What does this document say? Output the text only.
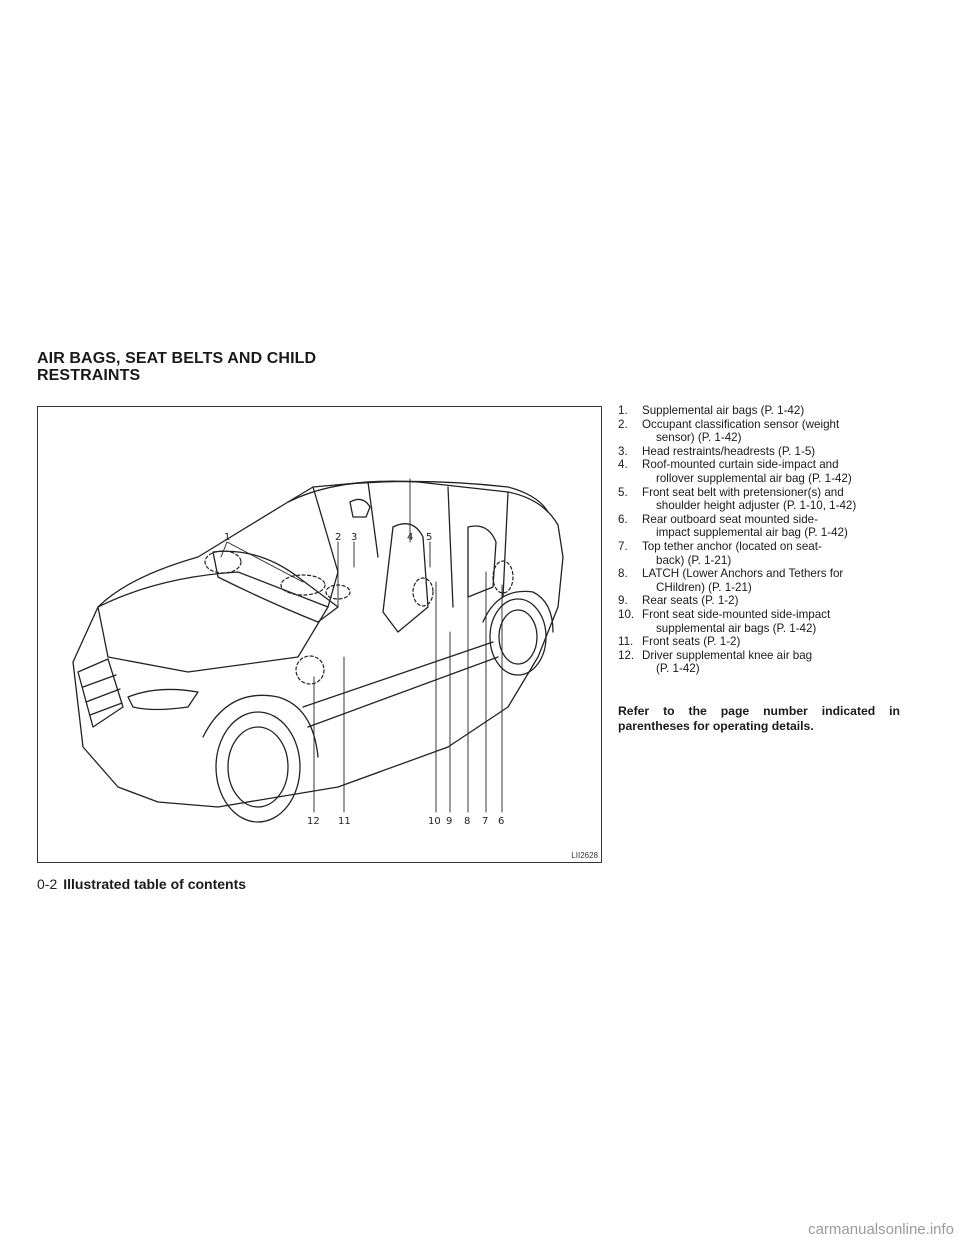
AIR BAGS, SEAT BELTS AND CHILD
RESTRAINTS
1	2 3	4 5
12 11	10 9 8 7 6
LII2628
1. Supplemental air bags (P. 1-42)
2. Occupant classification sensor (weight
sensor) (P. 1-42)
3. Head restraints/headrests (P. 1-5)
4. Roof-mounted curtain side-impact and
rollover supplemental air bag (P. 1-42)
5. Front seat belt with pretensioner(s) and
shoulder height adjuster (P. 1-10, 1-42)
6. Rear outboard seat mounted side-
impact supplemental air bag (P. 1-42)
7. Top tether anchor (located on seat-
back) (P. 1-21)
8. LATCH (Lower Anchors and Tethers for
CHildren) (P. 1-21)
9. Rear seats (P. 1-2)
10. Front seat side-mounted side-impact
supplemental air bags (P. 1-42)
11. Front seats (P. 1-2)
12. Driver supplemental knee air bag
(P. 1-42)
Refer to the page number indicated in parentheses for operating details.
0-2 Illustrated table of contents
carmanualsonline.info
